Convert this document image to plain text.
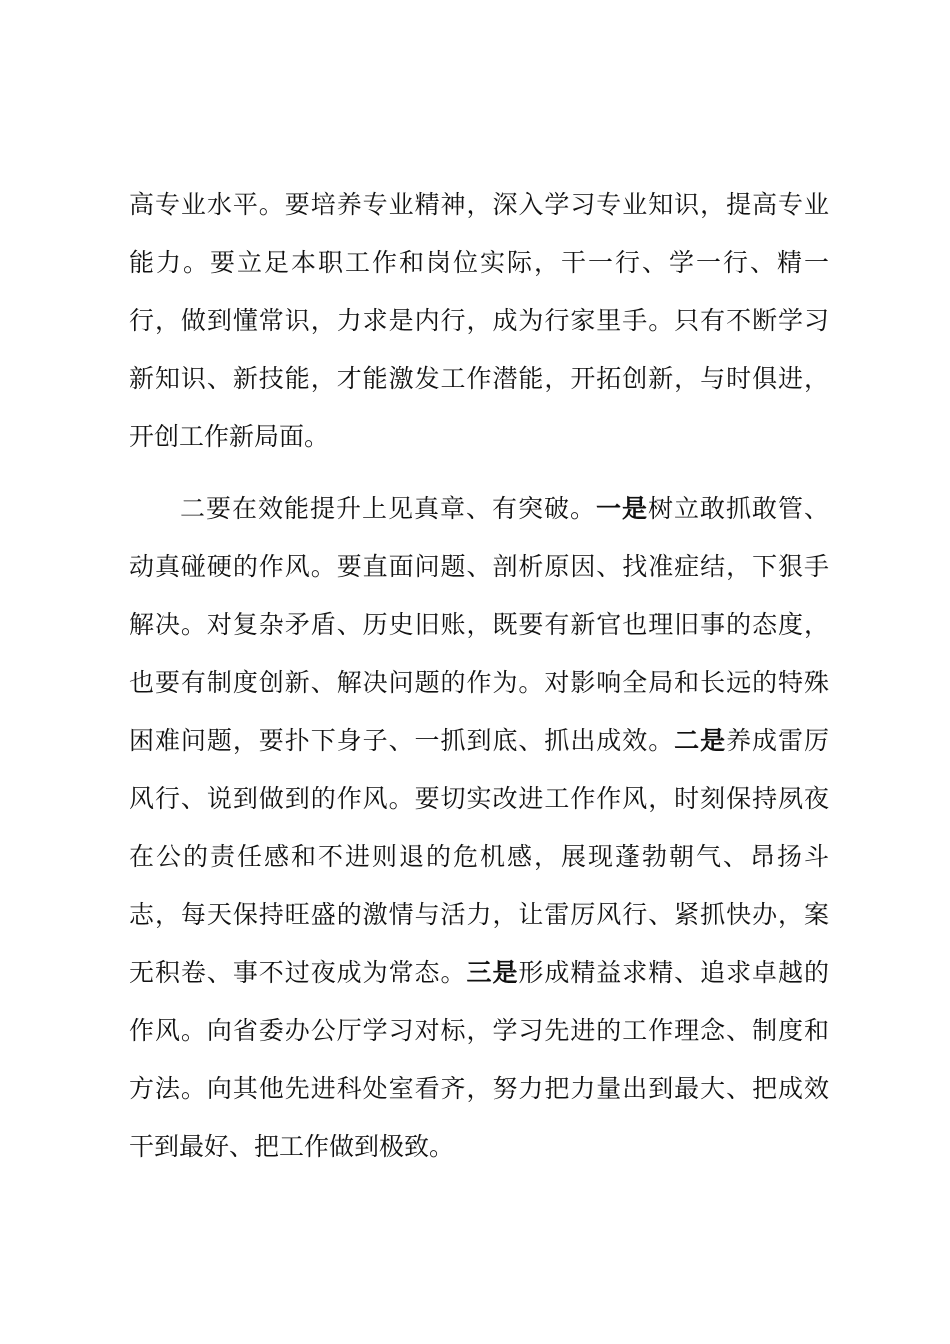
高专业水平。要培养专业精神，深入学习专业知识，提高专业
能力。要立足本职工作和岗位实际，干一行、学一行、精一
行，做到懂常识，力求是内行，成为行家里手。只有不断学习
新知识、新技能，才能激发工作潜能，开拓创新，与时俱进，
开创工作新局面。
二要在效能提升上见真章、有突破。一是树立敢抓敢管、
动真碰硬的作风。要直面问题、剖析原因、找准症结，下狠手
解决。对复杂矛盾、历史旧账，既要有新官也理旧事的态度，
也要有制度创新、解决问题的作为。对影响全局和长远的特殊
困难问题，要扑下身子、一抓到底、抓出成效。二是养成雷厉
风行、说到做到的作风。要切实改进工作作风，时刻保持夙夜
在公的责任感和不进则退的危机感，展现蓬勃朝气、昂扬斗
志，每天保持旺盛的激情与活力，让雷厉风行、紧抓快办，案
无积卷、事不过夜成为常态。三是形成精益求精、追求卓越的
作风。向省委办公厅学习对标，学习先进的工作理念、制度和
方法。向其他先进科处室看齐，努力把力量出到最大、把成效
干到最好、把工作做到极致。
